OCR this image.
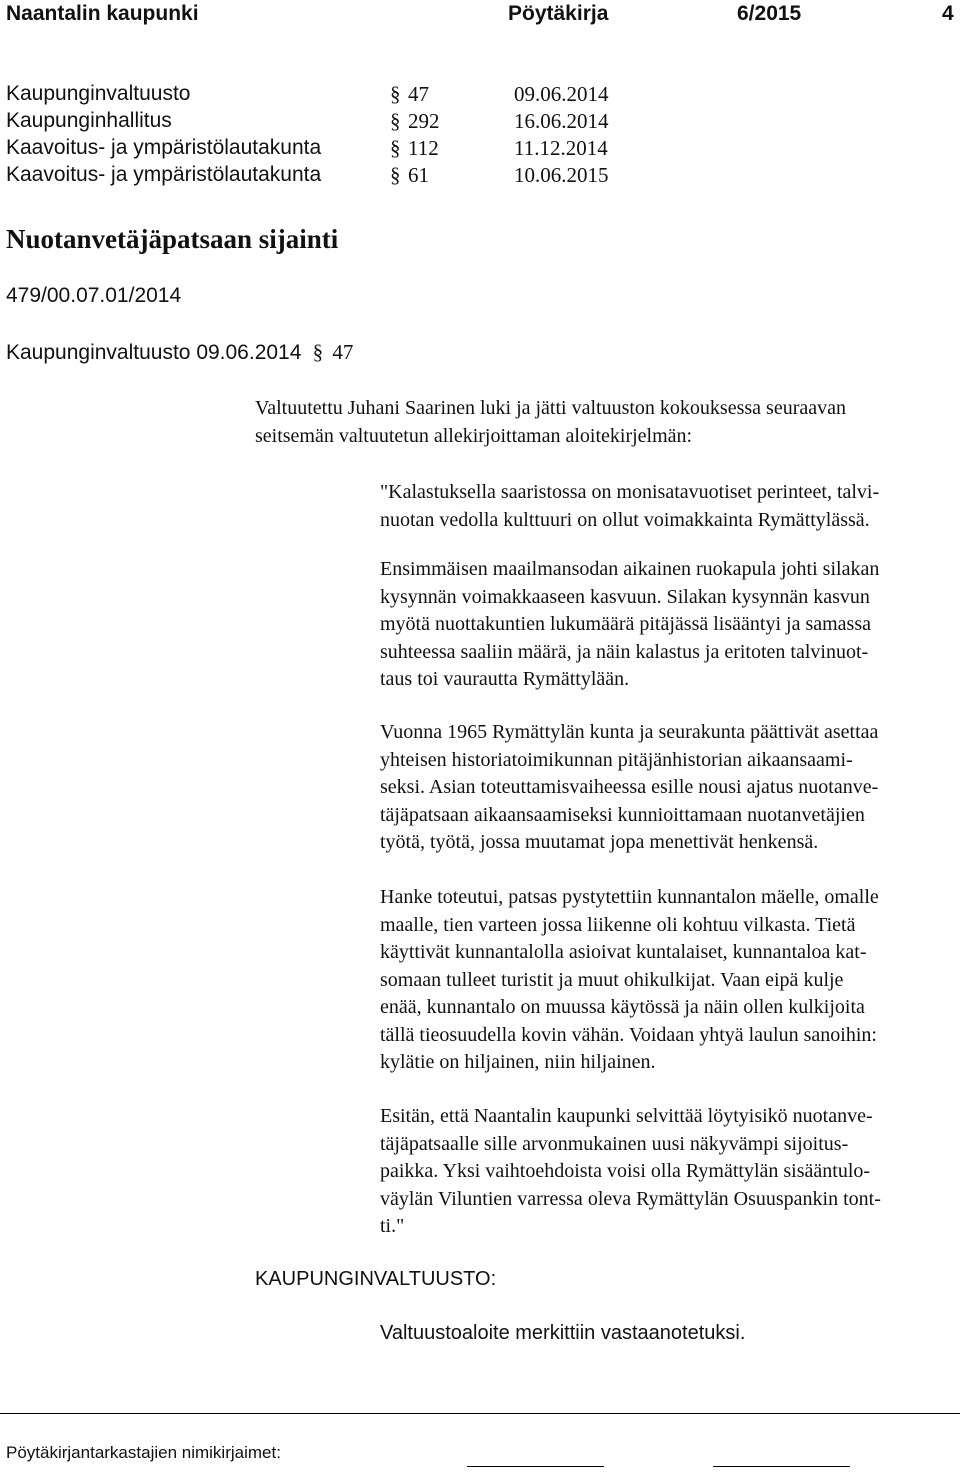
Naantalin kaupunki	Pöytäkirja	6/2015	4
Kaupunginvaltuusto	§ 47	09.06.2014
Kaupunginhallitus	§ 292	16.06.2014
Kaavoitus- ja ympäristölautakunta	§ 112	11.12.2014
Kaavoitus- ja ympäristölautakunta	§ 61	10.06.2015
Nuotanvetäjäpatsaan sijainti
479/00.07.01/2014
Kaupunginvaltuusto 09.06.2014 § 47
Valtuutettu Juhani Saarinen luki ja jätti valtuuston kokouksessa seuraavan
seitsemän valtuutetun allekirjoittaman aloitekirjelmän:
"Kalastuksella saaristossa on monisatavuotiset perinteet, talvi-
nuotan vedolla kulttuuri on ollut voimakkainta Rymättylässä.
Ensimmäisen maailmansodan aikainen ruokapula johti silakan
kysynnän voimakkaaseen kasvuun. Silakan kysynnän kasvun
myötä nuottakuntien lukumäärä pitäjässä lisääntyi ja samassa
suhteessa saaliin määrä, ja näin kalastus ja eritoten talvinuot-
taus toi vaurautta Rymättylään.
Vuonna 1965 Rymättylän kunta ja seurakunta päättivät asettaa
yhteisen historiatoimikunnan pitäjänhistorian aikaansaami-
seksi. Asian toteuttamisvaiheessa esille nousi ajatus nuotanve-
täjäpatsaan aikaansaamiseksi kunnioittamaan nuotanvetäjien
työtä, työtä, jossa muutamat jopa menettivät henkensä.
Hanke toteutui, patsas pystytettiin kunnantalon mäelle, omalle
maalle, tien varteen jossa liikenne oli kohtuu vilkasta. Tietä
käyttivät kunnantalolla asioivat kuntalaiset, kunnantaloa kat-
somaan tulleet turistit ja muut ohikulkijat. Vaan eipä kulje
enää, kunnantalo on muussa käytössä ja näin ollen kulkijoita
tällä tieosuudella kovin vähän. Voidaan yhtyä laulun sanoihin:
kylätie on hiljainen, niin hiljainen.
Esitän, että Naantalin kaupunki selvittää löytyisikö nuotanve-
täjäpatsaalle sille arvonmukainen uusi näkyvämpi sijoitus-
paikka. Yksi vaihtoehdoista voisi olla Rymättylän sisääntulo-
väylän Viluntien varressa oleva Rymättylän Osuuspankin tont-
ti."
KAUPUNGINVALTUUSTO:
Valtuustoaloite merkittiin vastaanotetuksi.
Pöytäkirjantarkastajien nimikirjaimet:
